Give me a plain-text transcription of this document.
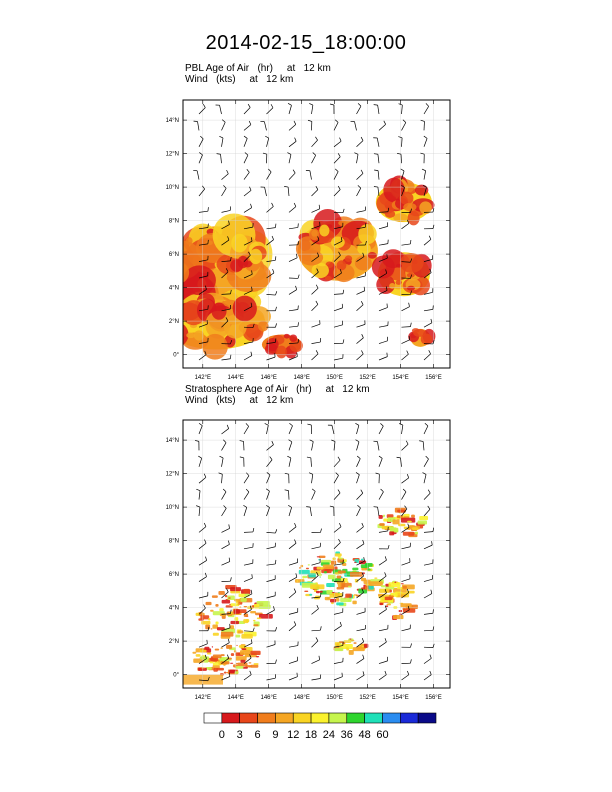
2014-02-15_18:00:00
PBL Age of Air   (hr)     at   12 km
Wind   (kts)     at   12 km
142°E	144°E	146°E	148°E	150°E	152°E	154°E	156°E
0°
2°N
4°N
6°N
8°N
10°N
12°N
14°N
Stratosphere Age of Air   (hr)     at   12 km
Wind   (kts)     at   12 km
142°E	144°E	146°E	148°E	150°E	152°E	154°E	156°E
0°
2°N
4°N
6°N
8°N
10°N
12°N
14°N
0	3	6	9 12 18 24 36 48 60
